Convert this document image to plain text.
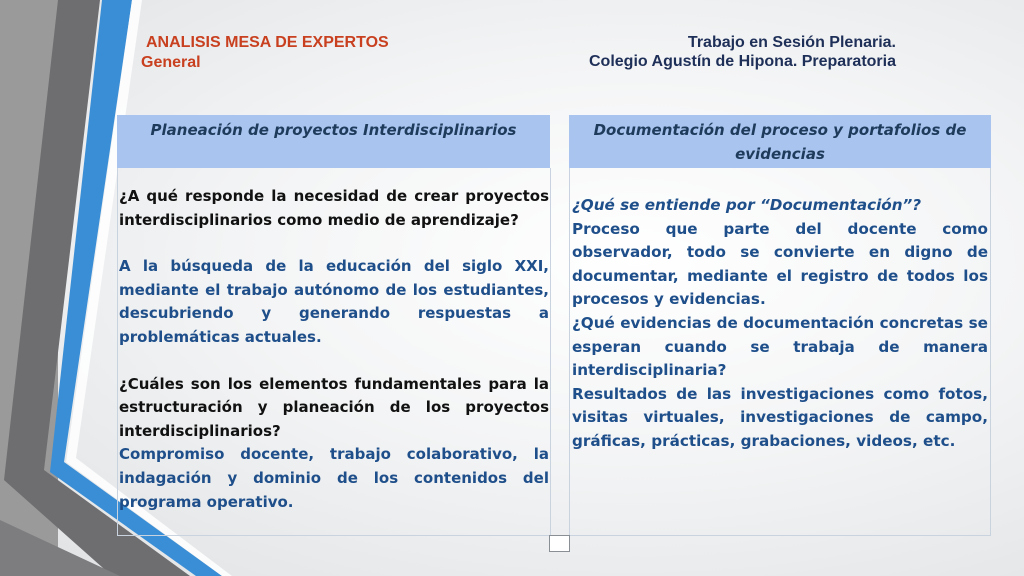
ANALISIS MESA DE EXPERTOS
General
Trabajo en Sesión Plenaria.
Colegio Agustín de Hipona. Preparatoria
Planeación de proyectos Interdisciplinarios

¿A qué responde la necesidad de crear proyectos interdisciplinarios como medio de aprendizaje?

A la búsqueda de la educación del siglo XXI, mediante el trabajo autónomo de los estudiantes, descubriendo y generando respuestas a problemáticas actuales.

¿Cuáles son los elementos fundamentales para la estructuración y planeación de los proyectos interdisciplinarios?

Compromiso docente, trabajo colaborativo, la indagación y dominio de los contenidos del programa operativo.

Documentación del proceso y portafolios de evidencias

¿Qué se entiende por “Documentación”?

Proceso que parte del docente como observador, todo se convierte en digno de documentar, mediante el registro de todos los procesos y evidencias.

¿Qué evidencias de documentación concretas se esperan cuando se trabaja de manera interdisciplinaria?

Resultados de las investigaciones como fotos, visitas virtuales, investigaciones de campo, gráficas, prácticas, grabaciones, videos, etc.
